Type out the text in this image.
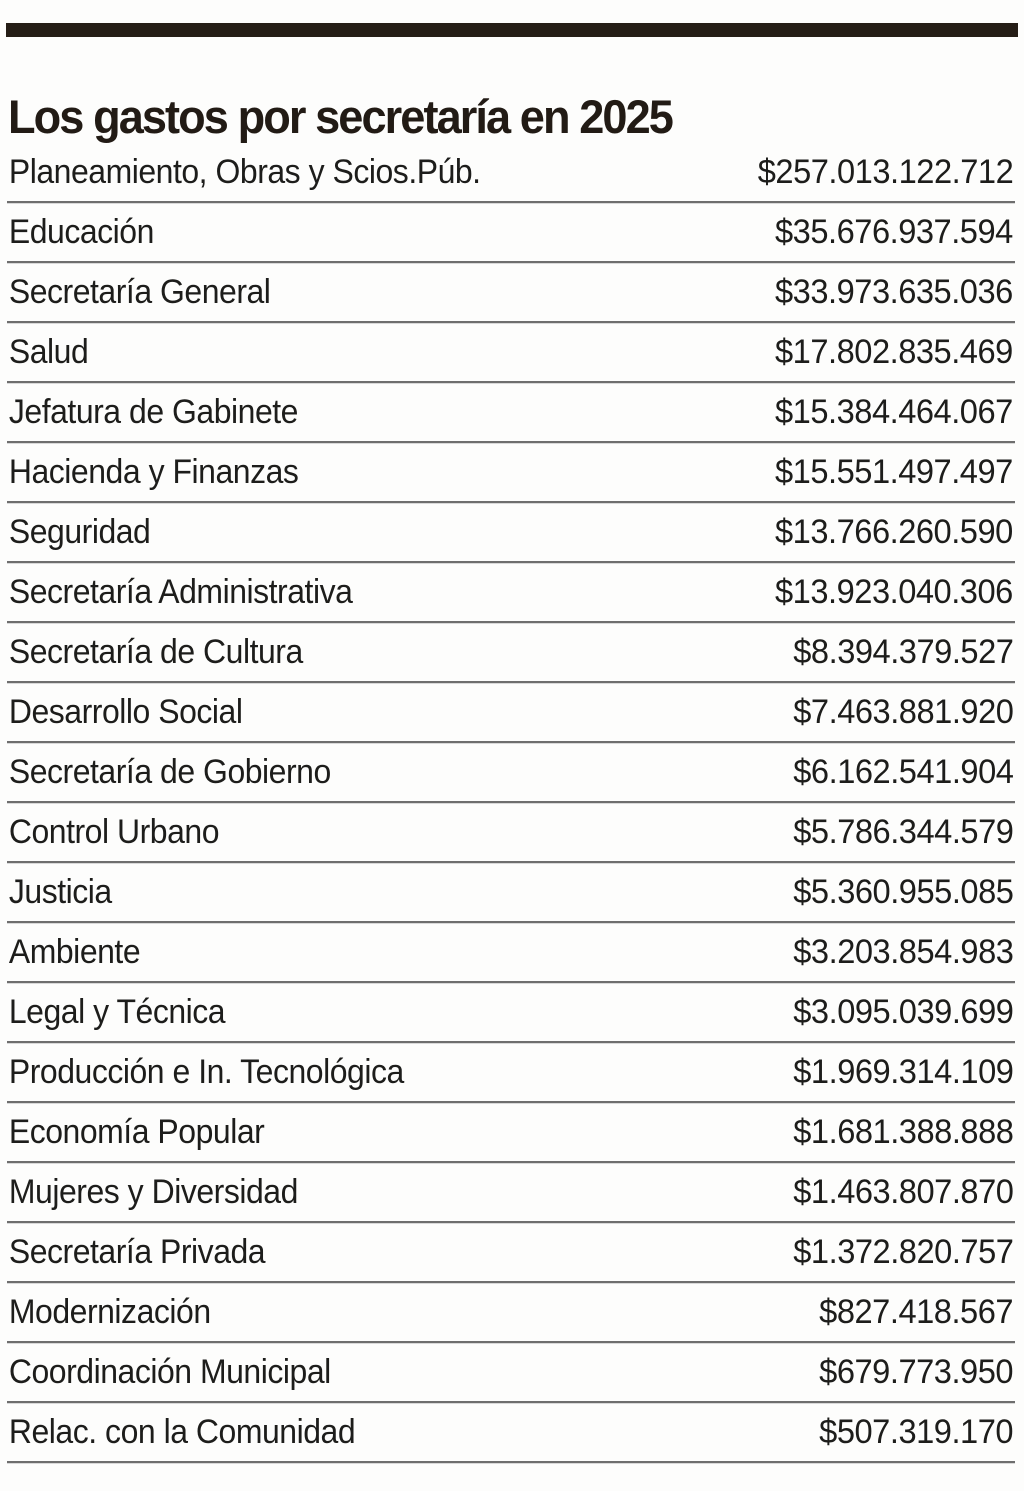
Los gastos por secretaría en 2025
Planeamiento, Obras y Scios.Púb.	$257.013.122.712
Educación	$35.676.937.594
Secretaría General	$33.973.635.036
Salud	$17.802.835.469
Jefatura de Gabinete	$15.384.464.067
Hacienda y Finanzas	$15.551.497.497
Seguridad	$13.766.260.590
Secretaría Administrativa	$13.923.040.306
Secretaría de Cultura	$8.394.379.527
Desarrollo Social	$7.463.881.920
Secretaría de Gobierno	$6.162.541.904
Control Urbano	$5.786.344.579
Justicia	$5.360.955.085
Ambiente	$3.203.854.983
Legal y Técnica	$3.095.039.699
Producción e In. Tecnológica	$1.969.314.109
Economía Popular	$1.681.388.888
Mujeres y Diversidad	$1.463.807.870
Secretaría Privada	$1.372.820.757
Modernización	$827.418.567
Coordinación Municipal	$679.773.950
Relac. con la Comunidad	$507.319.170
